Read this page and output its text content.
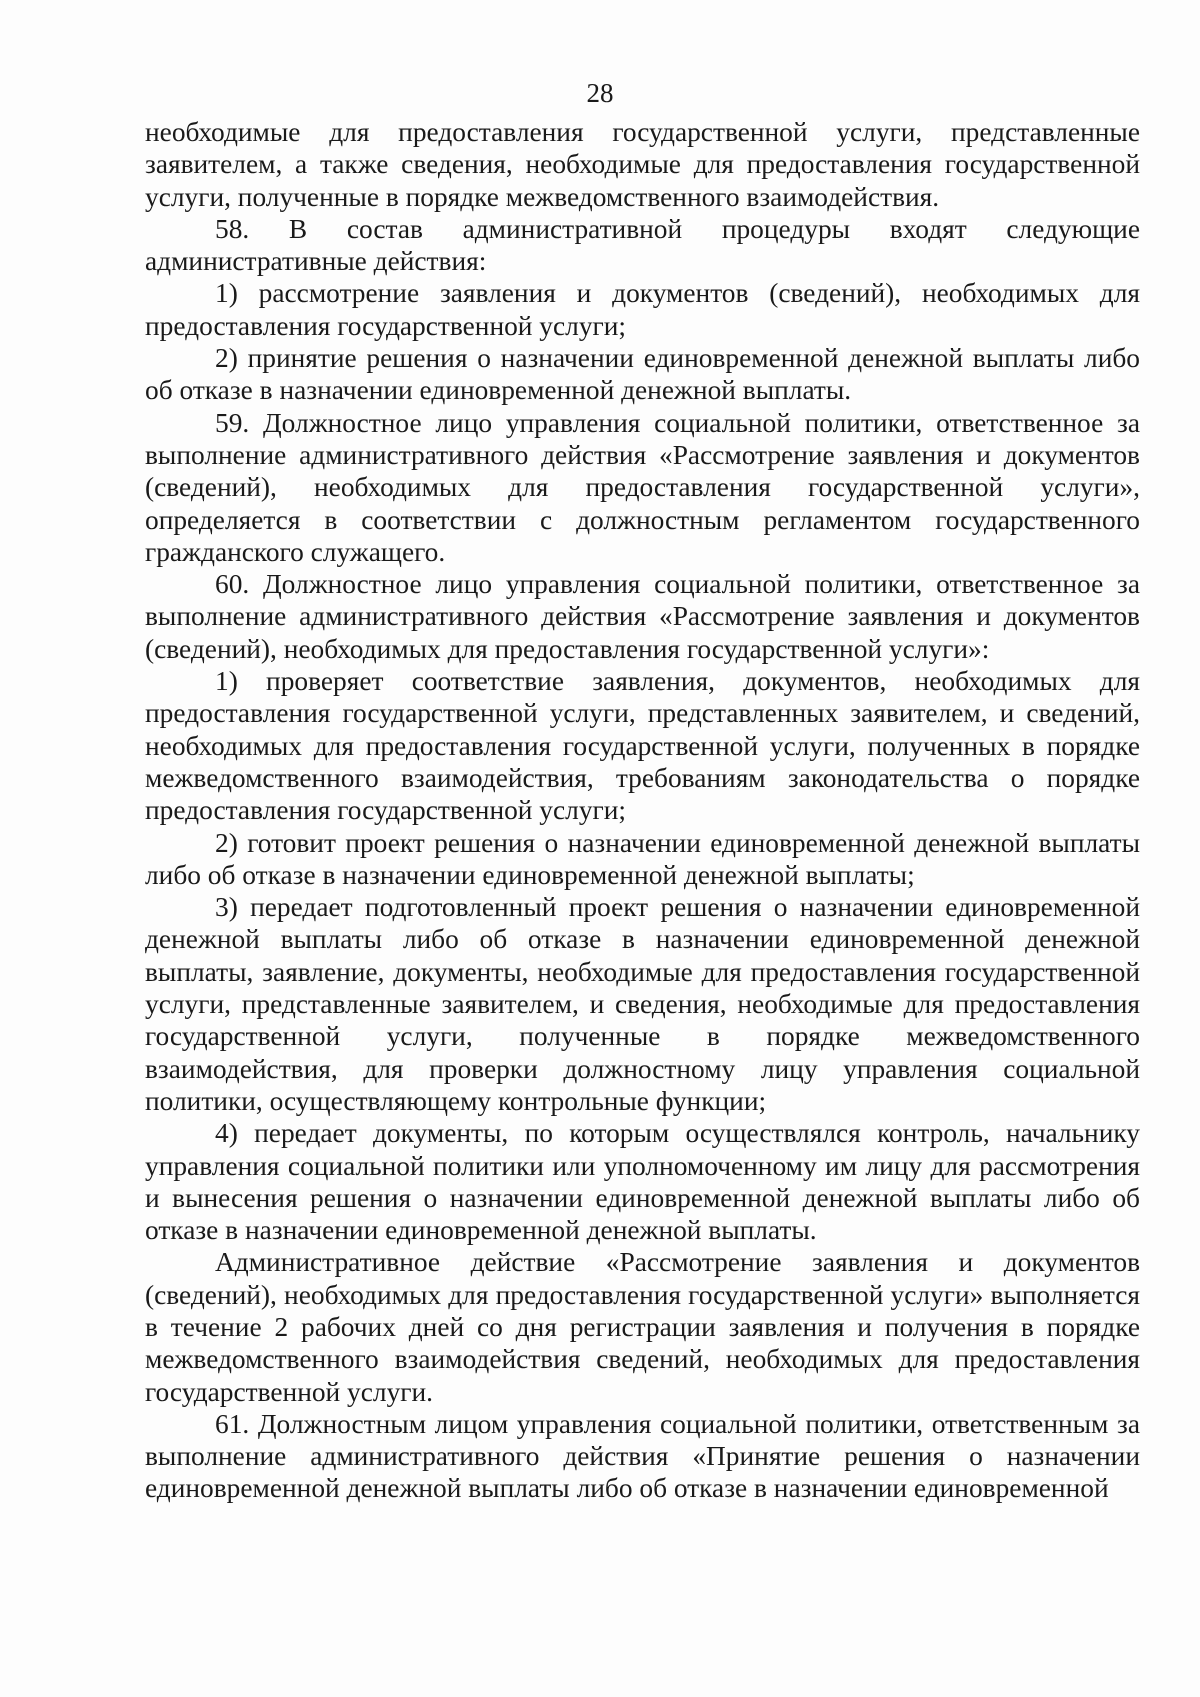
28

необходимые для предоставления государственной услуги, представленные заявителем, а также сведения, необходимые для предоставления государственной услуги, полученные в порядке межведомственного взаимодействия.

58. В состав административной процедуры входят следующие административные действия:

1) рассмотрение заявления и документов (сведений), необходимых для предоставления государственной услуги;

2) принятие решения о назначении единовременной денежной выплаты либо об отказе в назначении единовременной денежной выплаты.

59. Должностное лицо управления социальной политики, ответственное за выполнение административного действия «Рассмотрение заявления и документов (сведений), необходимых для предоставления государственной услуги», определяется в соответствии с должностным регламентом государственного гражданского служащего.

60. Должностное лицо управления социальной политики, ответственное за выполнение административного действия «Рассмотрение заявления и документов (сведений), необходимых для предоставления государственной услуги»:

1) проверяет соответствие заявления, документов, необходимых для предоставления государственной услуги, представленных заявителем, и сведений, необходимых для предоставления государственной услуги, полученных в порядке межведомственного взаимодействия, требованиям законодательства о порядке предоставления государственной услуги;

2) готовит проект решения о назначении единовременной денежной выплаты либо об отказе в назначении единовременной денежной выплаты;

3) передает подготовленный проект решения о назначении единовременной денежной выплаты либо об отказе в назначении единовременной денежной выплаты, заявление, документы, необходимые для предоставления государственной услуги, представленные заявителем, и сведения, необходимые для предоставления государственной услуги, полученные в порядке межведомственного взаимодействия, для проверки должностному лицу управления социальной политики, осуществляющему контрольные функции;

4) передает документы, по которым осуществлялся контроль, начальнику управления социальной политики или уполномоченному им лицу для рассмотрения и вынесения решения о назначении единовременной денежной выплаты либо об отказе в назначении единовременной денежной выплаты.

Административное действие «Рассмотрение заявления и документов (сведений), необходимых для предоставления государственной услуги» выполняется в течение 2 рабочих дней со дня регистрации заявления и получения в порядке межведомственного взаимодействия сведений, необходимых для предоставления государственной услуги.

61. Должностным лицом управления социальной политики, ответственным за выполнение административного действия «Принятие решения о назначении единовременной денежной выплаты либо об отказе в назначении единовременной
